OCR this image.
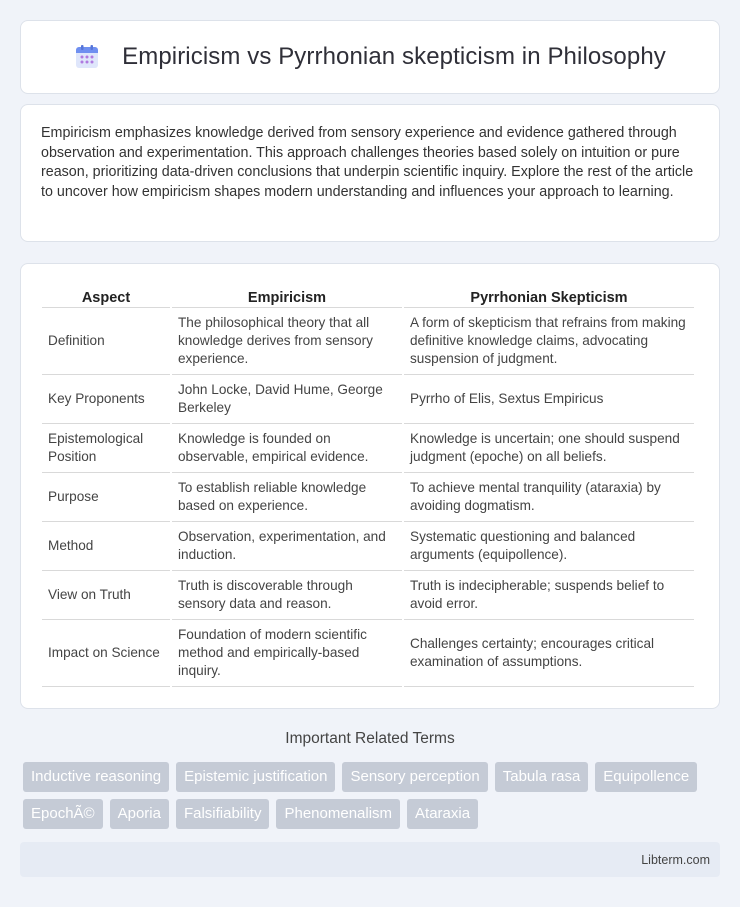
Empiricism vs Pyrrhonian skepticism in Philosophy

Empiricism emphasizes knowledge derived from sensory experience and evidence gathered through observation and experimentation. This approach challenges theories based solely on intuition or pure reason, prioritizing data-driven conclusions that underpin scientific inquiry. Explore the rest of the article to uncover how empiricism shapes modern understanding and influences your approach to learning.

Aspect	Empiricism	Pyrrhonian Skepticism
Definition	The philosophical theory that all knowledge derives from sensory experience.	A form of skepticism that refrains from making definitive knowledge claims, advocating suspension of judgment.
Key Proponents	John Locke, David Hume, George Berkeley	Pyrrho of Elis, Sextus Empiricus
Epistemological Position	Knowledge is founded on observable, empirical evidence.	Knowledge is uncertain; one should suspend judgment (epoche) on all beliefs.
Purpose	To establish reliable knowledge based on experience.	To achieve mental tranquility (ataraxia) by avoiding dogmatism.
Method	Observation, experimentation, and induction.	Systematic questioning and balanced arguments (equipollence).
View on Truth	Truth is discoverable through sensory data and reason.	Truth is indecipherable; suspends belief to avoid error.
Impact on Science	Foundation of modern scientific method and empirically-based inquiry.	Challenges certainty; encourages critical examination of assumptions.
Important Related Terms
Inductive reasoning	Epistemic justification	Sensory perception	Tabula rasa	Equipollence
EpochÃ©	Aporia	Falsifiability	Phenomenalism	Ataraxia
Libterm.com
